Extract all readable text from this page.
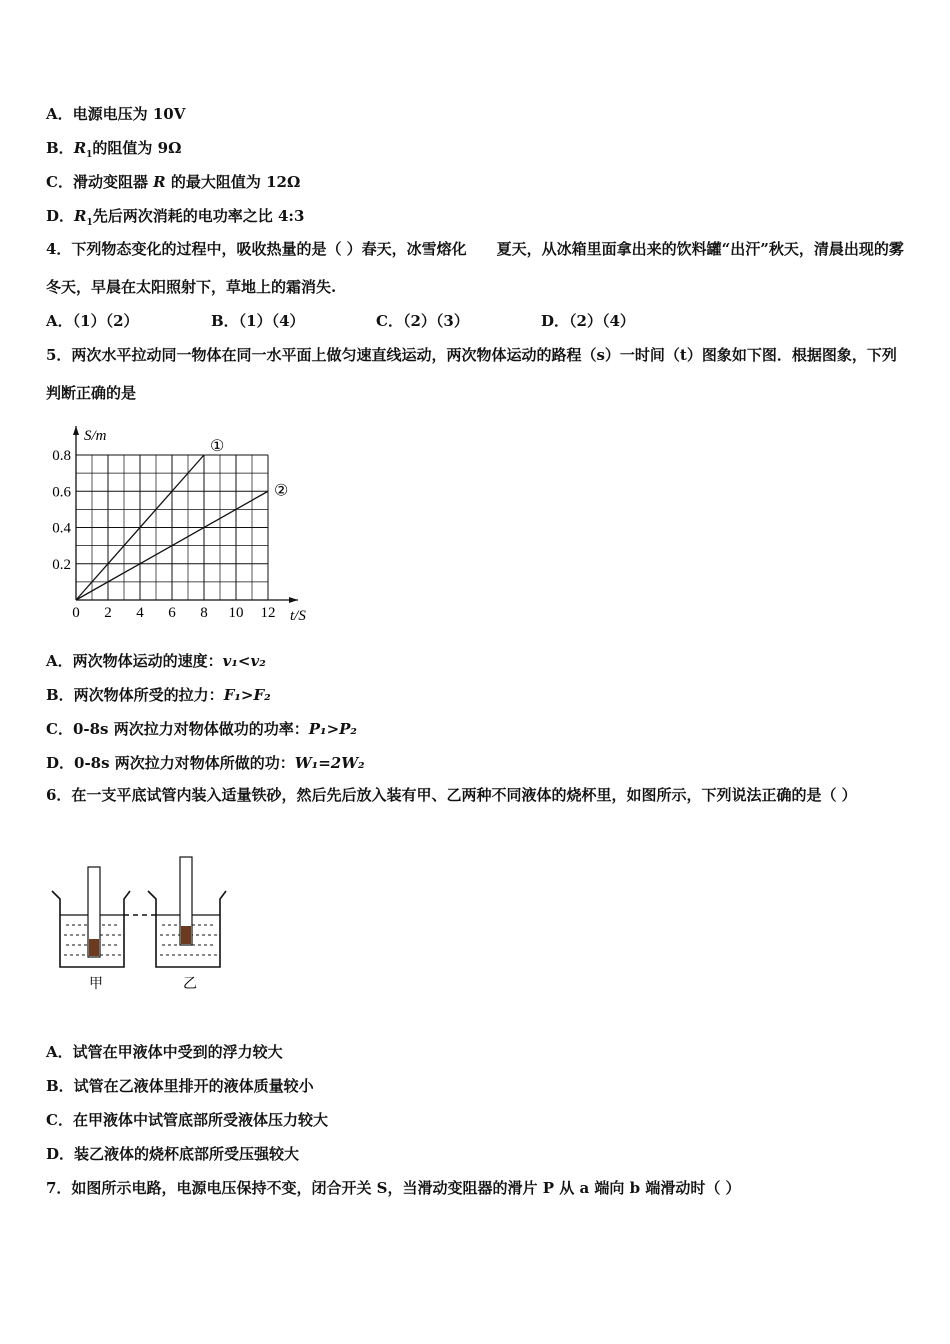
A．电源电压为 10V
B．$R_1$的阻值为 9Ω
C．滑动变阻器 R 的最大阻值为 12Ω
D．$R_1$先后两次消耗的电功率之比 4:3
4．下列物态变化的过程中，吸收热量的是（ ）春天，冰雪熔化　　夏天，从冰箱里面拿出来的饮料罐“出汗”秋天，清晨出现的雾　冬天，早晨在太阳照射下，草地上的霜消失.
A．（1）（2）	B．（1）（4）	C．（2）（3）	D．（2）（4）
5．两次水平拉动同一物体在同一水平面上做匀速直线运动，两次物体运动的路程（s）一时间（t）图象如下图．根据图象，下列判断正确的是
0 2 4 6 8 10 12
0.2
0.4
0.6
0.8
S/m
t/S
①
②
A．两次物体运动的速度：v₁<v₂
B．两次物体所受的拉力：F₁>F₂
C．0-8s 两次拉力对物体做功的功率：P₁>P₂
D．0-8s 两次拉力对物体所做的功：W₁=2W₂
6．在一支平底试管内装入适量铁砂，然后先后放入装有甲、乙两种不同液体的烧杯里，如图所示，下列说法正确的是（ ）
甲	乙
A．试管在甲液体中受到的浮力较大
B．试管在乙液体里排开的液体质量较小
C．在甲液体中试管底部所受液体压力较大
D．装乙液体的烧杯底部所受压强较大
7．如图所示电路，电源电压保持不变，闭合开关 S，当滑动变阻器的滑片 P 从 a 端向 b 端滑动时（ ）
